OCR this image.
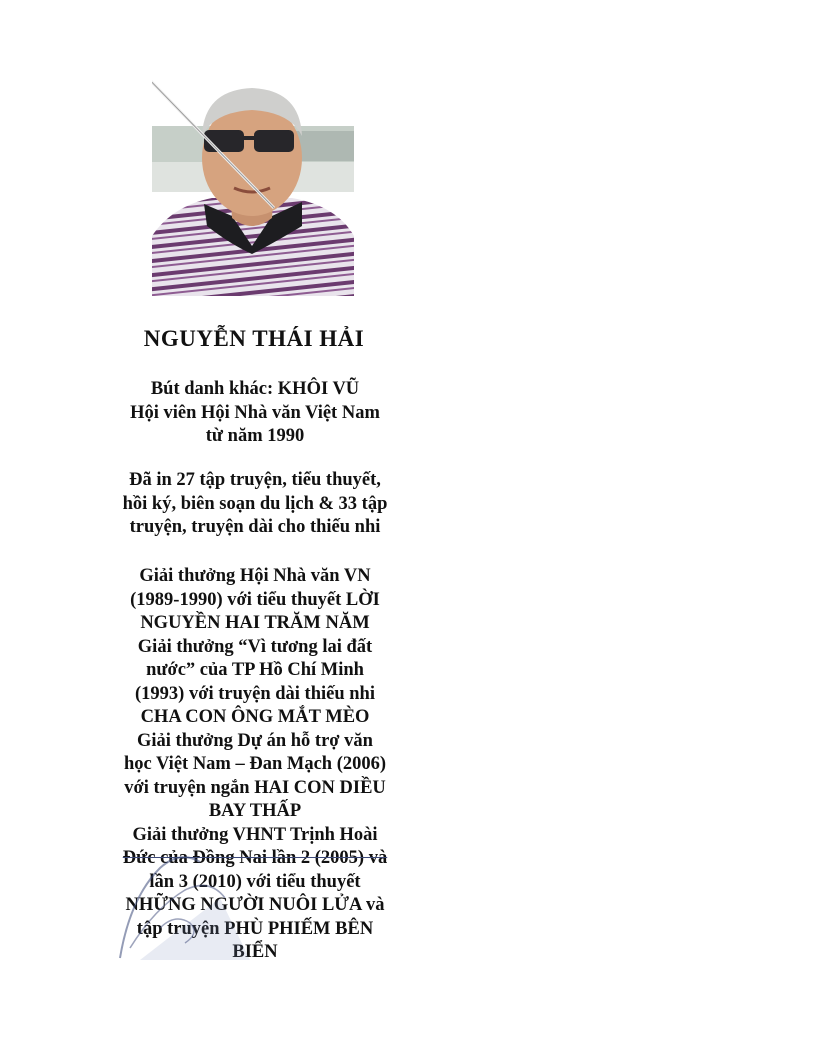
NGUYỄN THÁI HẢI
Bút danh khác: KHÔI VŨ
Hội viên Hội Nhà văn Việt Nam
từ năm 1990
Đã in 27 tập truyện, tiểu thuyết,
hồi ký, biên soạn du lịch & 33 tập
truyện, truyện dài cho thiếu nhi
Giải thưởng Hội Nhà văn VN
(1989-1990) với tiểu thuyết LỜI
NGUYỀN HAI TRĂM NĂM
Giải thưởng “Vì tương lai đất
nước” của TP Hồ Chí Minh
(1993) với truyện dài thiếu nhi
CHA CON ÔNG MẮT MÈO
Giải thưởng Dự án hỗ trợ văn
học Việt Nam – Đan Mạch (2006)
với truyện ngắn HAI CON DIỀU
BAY THẤP
Giải thưởng VHNT Trịnh Hoài
Đức của Đồng Nai lần 2 (2005) và
lần 3 (2010) với tiểu thuyết
NHỮNG NGƯỜI NUÔI LỬA và
tập truyện PHÙ PHIẾM BÊN
BIỂN
